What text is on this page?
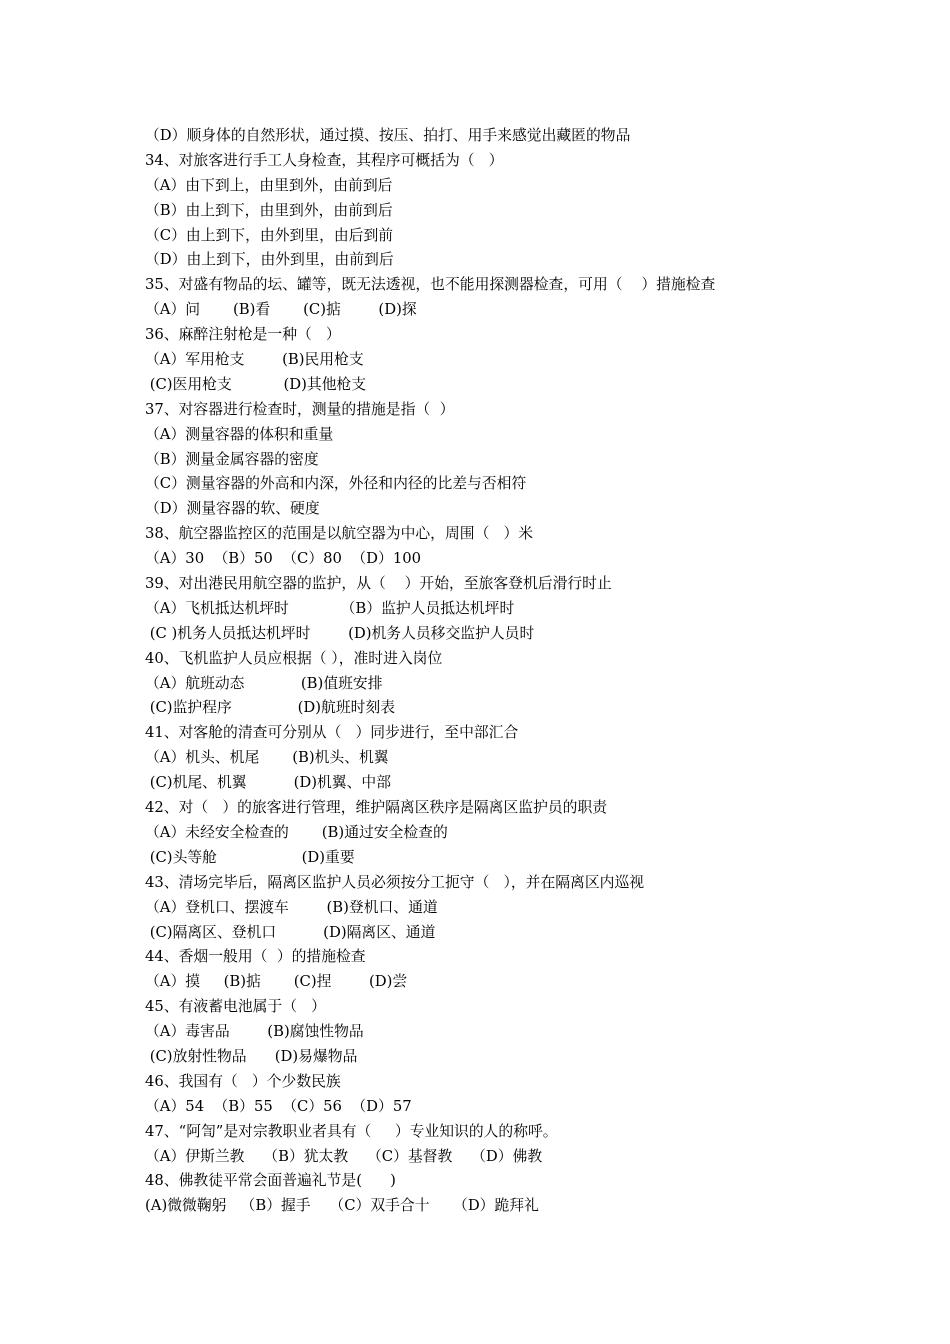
（D）顺身体的自然形状，通过摸、按压、拍打、用手来感觉出藏匿的物品
34、对旅客进行手工人身检查，其程序可概括为（   ）
（A）由下到上，由里到外，由前到后
（B）由上到下，由里到外，由前到后
（C）由上到下，由外到里，由后到前
（D）由上到下，由外到里，由前到后
35、对盛有物品的坛、罐等，既无法透视，也不能用探测器检查，可用（    ）措施检查
（A）问       (B)看       (C)掂        (D)探
36、麻醉注射枪是一种（   ）
（A）军用枪支        (B)民用枪支
(C)医用枪支           (D)其他枪支
37、对容器进行检查时，测量的措施是指（  ）
（A）测量容器的体积和重量
（B）测量金属容器的密度
（C）测量容器的外高和内深，外径和内径的比差与否相符
（D）测量容器的软、硬度
38、航空器监控区的范围是以航空器为中心，周围（   ）米
（A）30  （B）50  （C）80  （D）100
39、对出港民用航空器的监护，从（    ）开始，至旅客登机后滑行时止
（A）飞机抵达机坪时           （B）监护人员抵达机坪时
(C )机务人员抵达机坪时        (D)机务人员移交监护人员时
40、飞机监护人员应根据（ ），准时进入岗位
（A）航班动态            (B)值班安排
(C)监护程序              (D)航班时刻表
41、对客舱的清查可分别从（   ）同步进行，至中部汇合
（A）机头、机尾       (B)机头、机翼
(C)机尾、机翼          (D)机翼、中部
42、对（   ）的旅客进行管理，维护隔离区秩序是隔离区监护员的职责
（A）未经安全检查的       (B)通过安全检查的
(C)头等舱                  (D)重要
43、清场完毕后，隔离区监护人员必须按分工扼守（   ），并在隔离区内巡视
（A）登机口、摆渡车        (B)登机口、通道
(C)隔离区、登机口          (D)隔离区、通道
44、香烟一般用（  ）的措施检查
（A）摸     (B)掂       (C)捏        (D)尝
45、有液蓄电池属于（   ）
（A）毒害品        (B)腐蚀性物品
(C)放射性物品      (D)易爆物品
46、我国有（   ）个少数民族
（A）54  （B）55  （C）56  （D）57
47、“阿訇”是对宗教职业者具有（     ）专业知识的人的称呼。
（A）伊斯兰教    （B）犹太教    （C）基督教    （D）佛教
48、佛教徒平常会面普遍礼节是(      )
(A)微微鞠躬   （B）握手    （C）双手合十     （D）跪拜礼
